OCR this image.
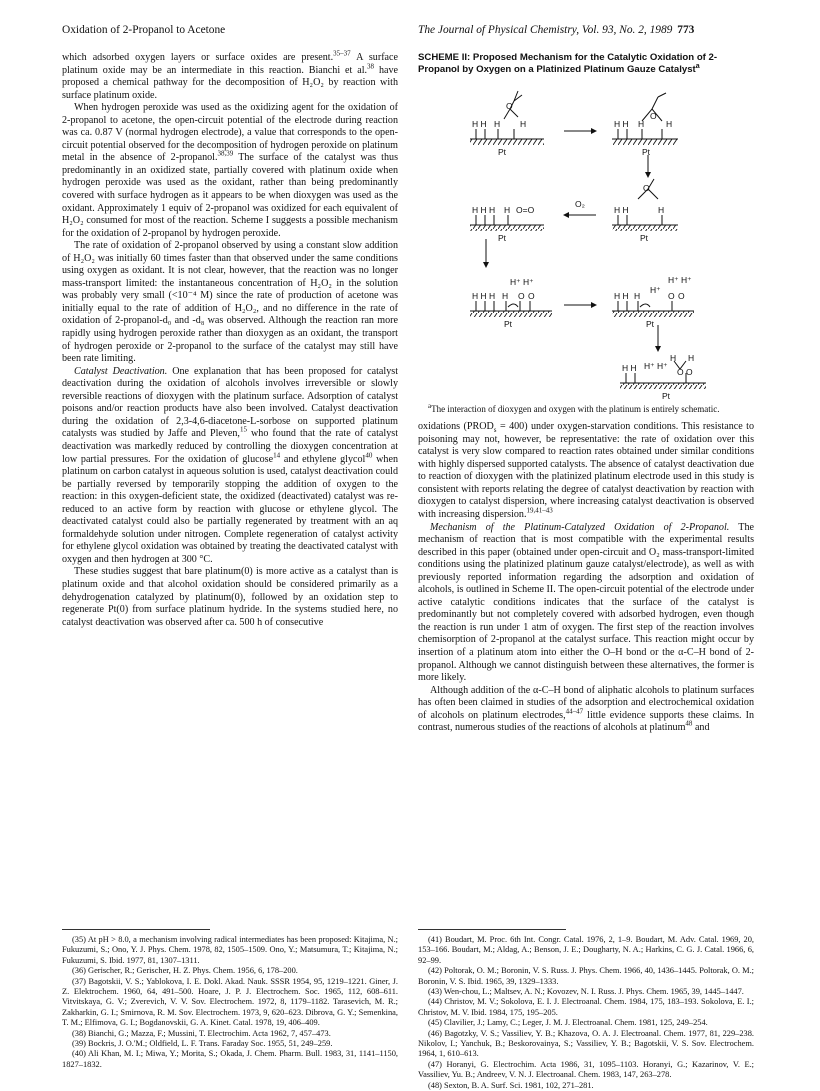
Oxidation of 2-Propanol to Acetone	The Journal of Physical Chemistry, Vol. 93, No. 2, 1989 773

which adsorbed oxygen layers or surface oxides are present.$^{35-37}$ A surface platinum oxide may be an intermediate in this reaction. Bianchi et al.$^{38}$ have proposed a chemical pathway for the decomposition of H₂O₂ by reaction with surface platinum oxide.

When hydrogen peroxide was used as the oxidizing agent for the oxidation of 2-propanol to acetone, the open-circuit potential of the electrode during reaction was ca. 0.87 V (normal hydrogen electrode), a value that corresponds to the open-circuit potential observed for the decomposition of hydrogen peroxide on platinum metal in the absence of 2-propanol.$^{38,39}$ The surface of the catalyst was thus predominantly in an oxidized state, partially covered with platinum oxide when hydrogen peroxide was used as the oxidant, rather than being predominantly covered with surface hydrogen as it appears to be when dioxygen was used as the oxidant. Approximately 1 equiv of 2-propanol was oxidized for each equivalent of H₂O₂ consumed for most of the reaction. Scheme I suggests a possible mechanism for the oxidation of 2-propanol by hydrogen peroxide.

The rate of oxidation of 2-propanol observed by using a constant slow addition of H₂O₂ was initially 60 times faster than that observed under the same conditions using oxygen as oxidant. It is not clear, however, that the reaction was no longer mass-transport limited: the instantaneous concentration of H₂O₂ in the solution was probably very small (<10⁻⁴ M) since the rate of production of acetone was initially equal to the rate of addition of H₂O₂, and no difference in the rate of oxidation of 2-propanol-d₀ and -d₈ was observed. Although the reaction ran more rapidly using hydrogen peroxide rather than dioxygen as an oxidant, the transport of hydrogen peroxide or 2-propanol to the surface of the catalyst may still have been rate limiting.

Catalyst Deactivation. One explanation that has been proposed for catalyst deactivation during the oxidation of alcohols involves irreversible or slowly reversible reactions of dioxygen with the platinum surface. Adsorption of catalyst poisons and/or reaction products have also been involved. Catalyst deactivation during the oxidation of 2,3-4,6-diacetone-L-sorbose on supported platinum catalysts was studied by Jaffe and Pleven,$^{15}$ who found that the rate of catalyst deactivation was markedly reduced by controlling the dioxygen concentration at low partial pressures. For the oxidation of glucose$^{14}$ and ethylene glycol$^{40}$ when platinum on carbon catalyst in aqueous solution is used, catalyst deactivation could be partially reversed by temporarily stopping the addition of oxygen to the reaction: in this oxygen-deficient state, the oxidized (deactivated) catalyst was re-reduced to an active form by reaction with glucose or ethylene glycol. The deactivated catalyst could also be partially regenerated by treatment with an aq formaldehyde solution under nitrogen. Complete regeneration of catalyst activity for ethylene glycol oxidation was obtained by treating the deactivated catalyst with oxygen and then hydrogen at 300 °C.

These studies suggest that bare platinum(0) is more active as a catalyst than is platinum oxide and that alcohol oxidation should be considered primarily as a dehydrogenation catalyzed by platinum(0), followed by an oxidation step to regenerate Pt(0) from surface platinum hydride. In the systems studied here, no catalyst deactivation was observed after ca. 500 h of consecutive

SCHEME II: Proposed Mechanism for the Catalytic Oxidation of 2-Propanol by Oxygen on a Platinized Platinum Gauze Catalyst$^a$
H H H H
O
Pt
H H H
O
H
Pt
O
H H H H O=O
Pt
O₂
H H	H
Pt
H⁺ H⁺
H H H H O O
Pt
H H H
H⁺
H⁺ H⁺
O O
Pt
H H H⁺ H⁺
H H
O O
Pt

$^a$The interaction of dioxygen and oxygen with the platinum is entirely schematic.

oxidations $(PROD_s = 400)$ under oxygen-starvation conditions. This resistance to poisoning may not, however, be representative: the rate of oxidation over this catalyst is very slow compared to reaction rates obtained under similar conditions with highly dispersed supported catalysts. The absence of catalyst deactivation due to reaction of dioxygen with the platinized platinum electrode used in this study is consistent with reports relating the degree of catalyst deactivation by reaction with dioxygen to catalyst dispersion, where increasing catalyst deactivation is observed with increasing dispersion.$^{19,41-43}$

Mechanism of the Platinum-Catalyzed Oxidation of 2-Propanol. The mechanism of reaction that is most compatible with the experimental results described in this paper (obtained under open-circuit and O₂ mass-transport-limited conditions using the platinized platinum gauze catalyst/electrode), as well as with previously reported information regarding the adsorption and oxidation of alcohols, is outlined in Scheme II. The open-circuit potential of the electrode under active catalytic conditions indicates that the surface of the catalyst is predominantly but not completely covered with adsorbed hydrogen, even though the reaction is run under 1 atm of oxygen. The first step of the reaction involves chemisorption of 2-propanol at the catalyst surface. This reaction might occur by insertion of a platinum atom into either the O–H bond or the α-C–H bond of 2-propanol. Although we cannot distinguish between these alternatives, the former is more likely.

Although addition of the α-C–H bond of aliphatic alcohols to platinum surfaces has often been claimed in studies of the adsorption and electrochemical oxidation of alcohols on platinum electrodes,$^{44-47}$ little evidence supports these claims. In contrast, numerous studies of the reactions of alcohols at platinum$^{48}$ and

(35) At pH > 8.0, a mechanism involving radical intermediates has been proposed: Kitajima, N.; Fukuzumi, S.; Ono, Y. J. Phys. Chem. 1978, 82, 1505–1509. Ono, Y.; Matsumura, T.; Kitajima, N.; Fukuzumi, S. Ibid. 1977, 81, 1307–1311.

(36) Gerischer, R.; Gerischer, H. Z. Phys. Chem. 1956, 6, 178–200.

(37) Bagotskii, V. S.; Yablokova, I. E. Dokl. Akad. Nauk. SSSR 1954, 95, 1219–1221. Giner, J. Z. Elektrochem. 1960, 64, 491–500. Hoare, J. P. J. Electrochem. Soc. 1965, 112, 608–611. Vitvitskaya, G. V.; Zverevich, V. V. Sov. Electrochem. 1972, 8, 1179–1182. Tarasevich, M. R.; Zakharkin, G. I.; Smirnova, R. M. Sov. Electrochem. 1973, 9, 620–623. Dibrova, G. Y.; Semenkina, T. M.; Elfimova, G. I.; Bogdanovskii, G. A. Kinet. Catal. 1978, 19, 406–409.

(38) Bianchi, G.; Mazza, F.; Mussini, T. Electrochim. Acta 1962, 7, 457–473.

(39) Bockris, J. O.'M.; Oldfield, L. F. Trans. Faraday Soc. 1955, 51, 249–259.

(40) Ali Khan, M. I.; Miwa, Y.; Morita, S.; Okada, J. Chem. Pharm. Bull. 1983, 31, 1141–1150, 1827–1832.

(41) Boudart, M. Proc. 6th Int. Congr. Catal. 1976, 2, 1–9. Boudart, M. Adv. Catal. 1969, 20, 153–166. Boudart, M.; Aldag, A.; Benson, J. E.; Dougharty, N. A.; Harkins, C. G. J. Catal. 1966, 6, 92–99.

(42) Poltorak, O. M.; Boronin, V. S. Russ. J. Phys. Chem. 1966, 40, 1436–1445. Poltorak, O. M.; Boronin, V. S. Ibid. 1965, 39, 1329–1333.

(43) Wen-chou, L.; Maltsev, A. N.; Kovozev, N. I. Russ. J. Phys. Chem. 1965, 39, 1445–1447.

(44) Christov, M. V.; Sokolova, E. I. J. Electroanal. Chem. 1984, 175, 183–193. Sokolova, E. I.; Christov, M. V. Ibid. 1984, 175, 195–205.

(45) Clavilier, J.; Lamy, C.; Leger, J. M. J. Electroanal. Chem. 1981, 125, 249–254.

(46) Bagotzky, V. S.; Vassiliev, Y. B.; Khazova, O. A. J. Electroanal. Chem. 1977, 81, 229–238. Nikolov, I.; Yanchuk, B.; Beskorovainya, S.; Vassiliev, Y. B.; Bagotskii, V. S. Sov. Electrochem. 1964, 1, 610–613.

(47) Horanyi, G. Electrochim. Acta 1986, 31, 1095–1103. Horanyi, G.; Kazarinov, V. E.; Vassiliev, Yu. B.; Andreev, V. N. J. Electroanal. Chem. 1983, 147, 263–278.

(48) Sexton, B. A. Surf. Sci. 1981, 102, 271–281.
